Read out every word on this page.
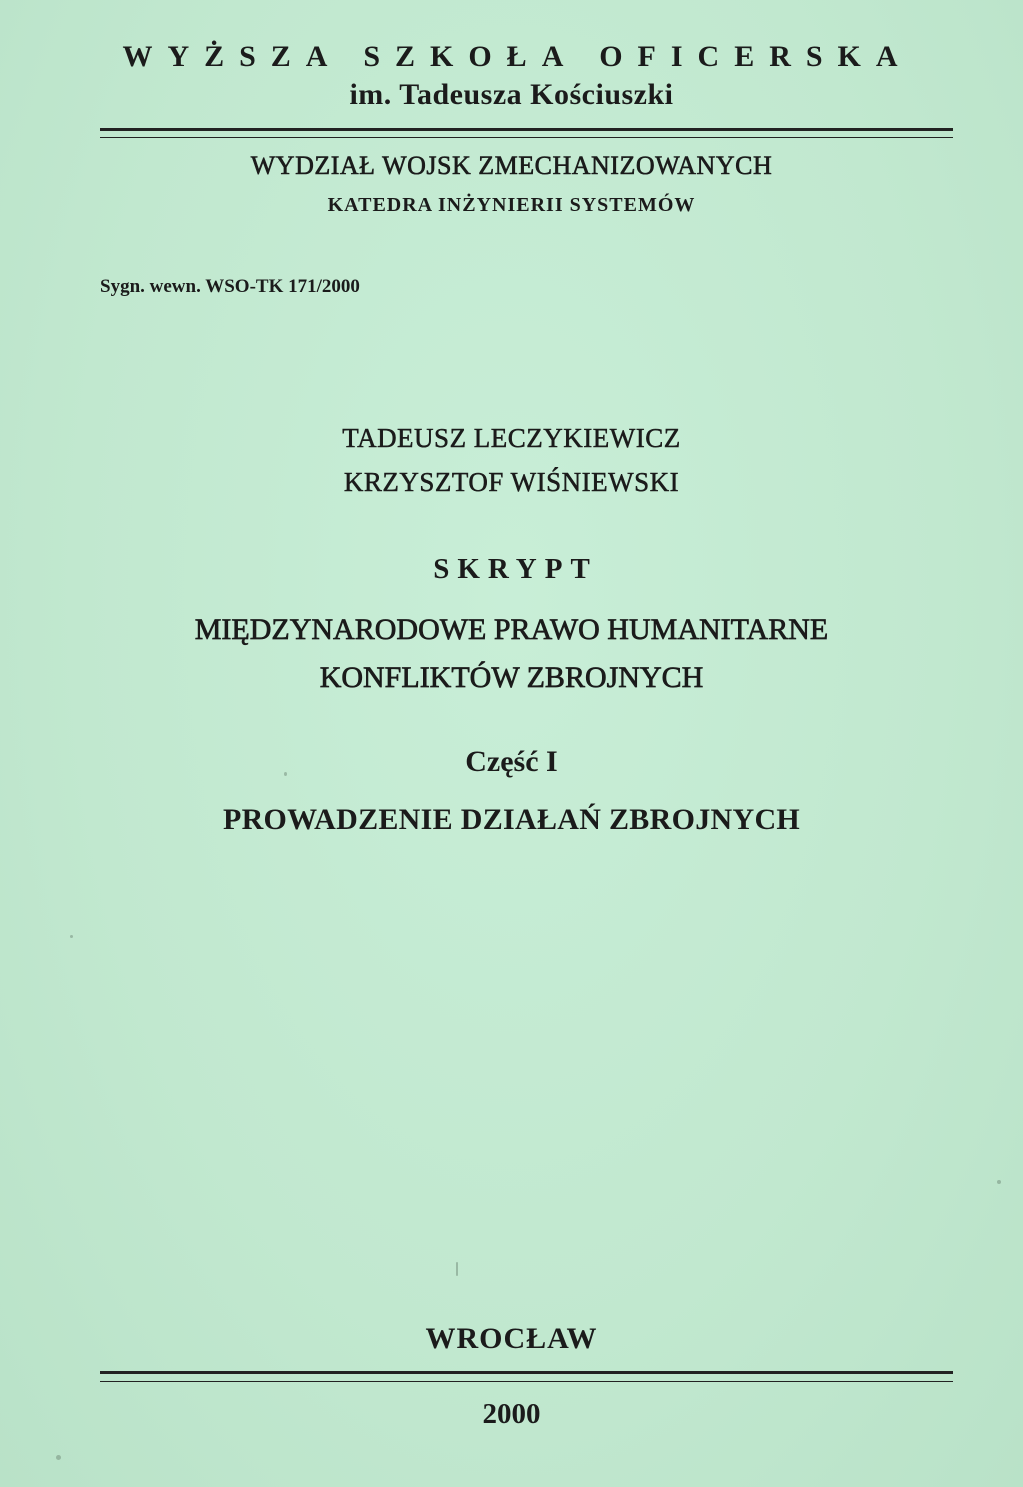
WYŻSZA SZKOŁA OFICERSKA
im. Tadeusza Kościuszki
WYDZIAŁ WOJSK ZMECHANIZOWANYCH
KATEDRA INŻYNIERII SYSTEMÓW
Sygn. wewn. WSO-TK 171/2000
TADEUSZ LECZYKIEWICZ
KRZYSZTOF WIŚNIEWSKI
SKRYPT
MIĘDZYNARODOWE PRAWO HUMANITARNE
KONFLIKTÓW ZBROJNYCH
Część I
PROWADZENIE DZIAŁAŃ ZBROJNYCH
WROCŁAW
2000
